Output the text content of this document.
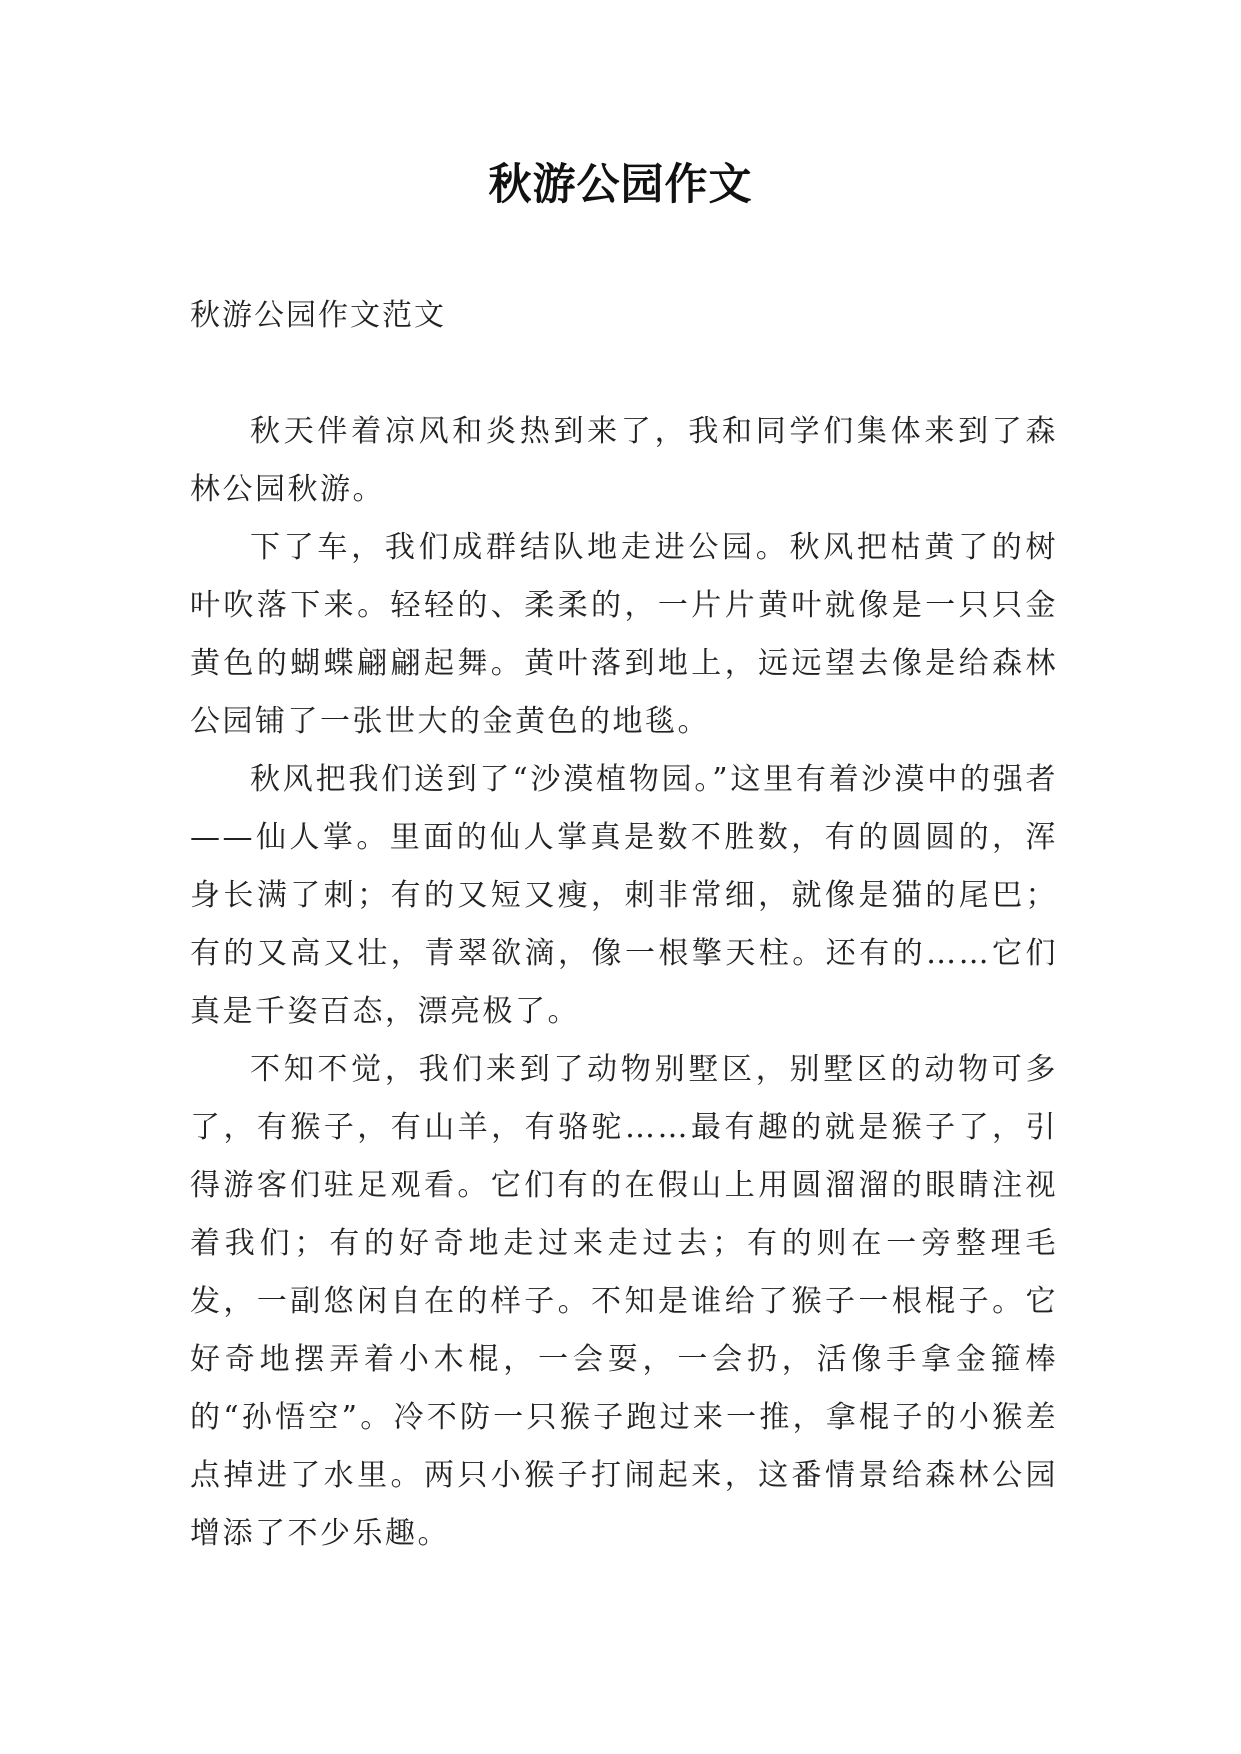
秋游公园作文

秋游公园作文范文

秋天伴着凉风和炎热到来了，我和同学们集体来到了森林公园秋游。

下了车，我们成群结队地走进公园。秋风把枯黄了的树叶吹落下来。轻轻的、柔柔的，一片片黄叶就像是一只只金黄色的蝴蝶翩翩起舞。黄叶落到地上，远远望去像是给森林公园铺了一张世大的金黄色的地毯。

秋风把我们送到了“沙漠植物园。”这里有着沙漠中的强者——仙人掌。里面的仙人掌真是数不胜数，有的圆圆的，浑身长满了刺；有的又短又瘦，刺非常细，就像是猫的尾巴；有的又高又壮，青翠欲滴，像一根擎天柱。还有的……它们真是千姿百态，漂亮极了。

不知不觉，我们来到了动物别墅区，别墅区的动物可多了，有猴子，有山羊，有骆驼……最有趣的就是猴子了，引得游客们驻足观看。它们有的在假山上用圆溜溜的眼睛注视着我们；有的好奇地走过来走过去；有的则在一旁整理毛发，一副悠闲自在的样子。不知是谁给了猴子一根棍子。它好奇地摆弄着小木棍，一会耍，一会扔，活像手拿金箍棒的“孙悟空”。冷不防一只猴子跑过来一推，拿棍子的小猴差点掉进了水里。两只小猴子打闹起来，这番情景给森林公园增添了不少乐趣。
